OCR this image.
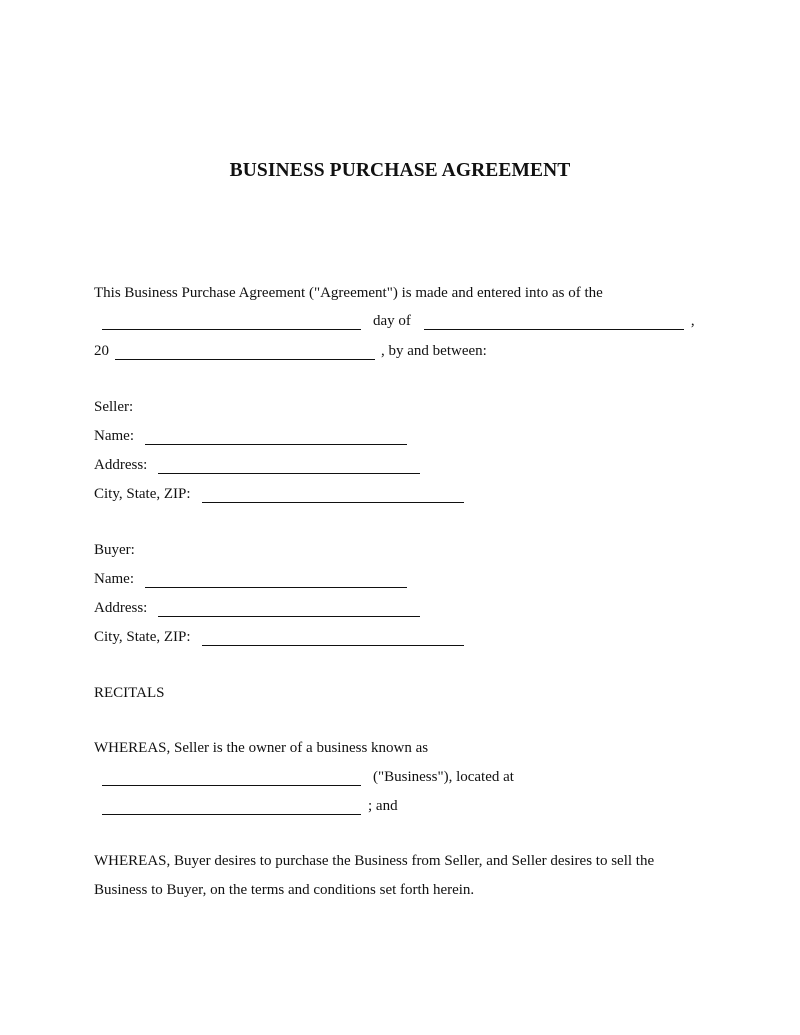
BUSINESS PURCHASE AGREEMENT
This Business Purchase Agreement ("Agreement") is made and entered into as of the
day of	,
20	, by and between:
Seller:
Name:
Address:
City, State, ZIP:
Buyer:
Name:
Address:
City, State, ZIP:
RECITALS
WHEREAS, Seller is the owner of a business known as
("Business"), located at
; and
WHEREAS, Buyer desires to purchase the Business from Seller, and Seller desires to sell the
Business to Buyer, on the terms and conditions set forth herein.
